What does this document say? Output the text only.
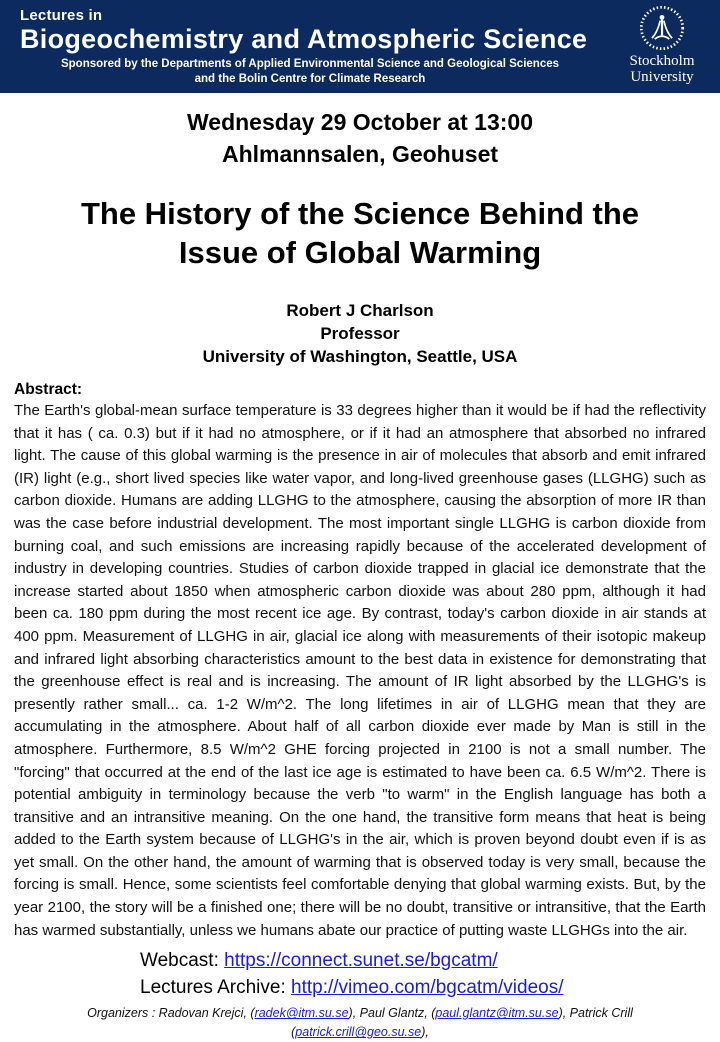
Lectures in
Biogeochemistry and Atmospheric Science
Sponsored by the Departments of Applied Environmental Science and Geological Sciences
and the Bolin Centre for Climate Research
Stockholm
University
Wednesday 29 October at 13:00
Ahlmannsalen, Geohuset
The History of the Science Behind the
Issue of Global Warming
Robert J Charlson
Professor
University of Washington, Seattle, USA
Abstract:
The Earth's global-mean surface temperature is 33 degrees higher than it would be if had the reflectivity that it has ( ca. 0.3) but if it had no atmosphere, or if it had an atmosphere that absorbed no infrared light. The cause of this global warming is the presence in air of molecules that absorb and emit infrared (IR) light (e.g., short lived species like water vapor, and long-lived greenhouse gases (LLGHG) such as carbon dioxide. Humans are adding LLGHG to the atmosphere, causing the absorption of more IR than was the case before industrial development. The most important single LLGHG is carbon dioxide from burning coal, and such emissions are increasing rapidly because of the accelerated development of industry in developing countries. Studies of carbon dioxide trapped in glacial ice demonstrate that the increase started about 1850 when atmospheric carbon dioxide was about 280 ppm, although it had been ca. 180 ppm during the most recent ice age. By contrast, today's carbon dioxide in air stands at 400 ppm. Measurement of LLGHG in air, glacial ice along with measurements of their isotopic makeup and infrared light absorbing characteristics amount to the best data in existence for demonstrating that the greenhouse effect is real and is increasing. The amount of IR light absorbed by the LLGHG's is presently rather small... ca. 1-2 W/m^2. The long lifetimes in air of LLGHG mean that they are accumulating in the atmosphere. About half of all carbon dioxide ever made by Man is still in the atmosphere. Furthermore, 8.5 W/m^2 GHE forcing projected in 2100 is not a small number. The "forcing" that occurred at the end of the last ice age is estimated to have been ca. 6.5 W/m^2. There is potential ambiguity in terminology because the verb "to warm" in the English language has both a transitive and an intransitive meaning. On the one hand, the transitive form means that heat is being added to the Earth system because of LLGHG's in the air, which is proven beyond doubt even if is as yet small. On the other hand, the amount of warming that is observed today is very small, because the forcing is small. Hence, some scientists feel comfortable denying that global warming exists. But, by the year 2100, the story will be a finished one; there will be no doubt, transitive or intransitive, that the Earth has warmed substantially, unless we humans abate our practice of putting waste LLGHGs into the air.
Webcast: https://connect.sunet.se/bgcatm/
Lectures Archive: http://vimeo.com/bgcatm/videos/
Organizers : Radovan Krejci, (radek@itm.su.se), Paul Glantz, (paul.glantz@itm.su.se), Patrick Crill
(patrick.crill@geo.su.se),
